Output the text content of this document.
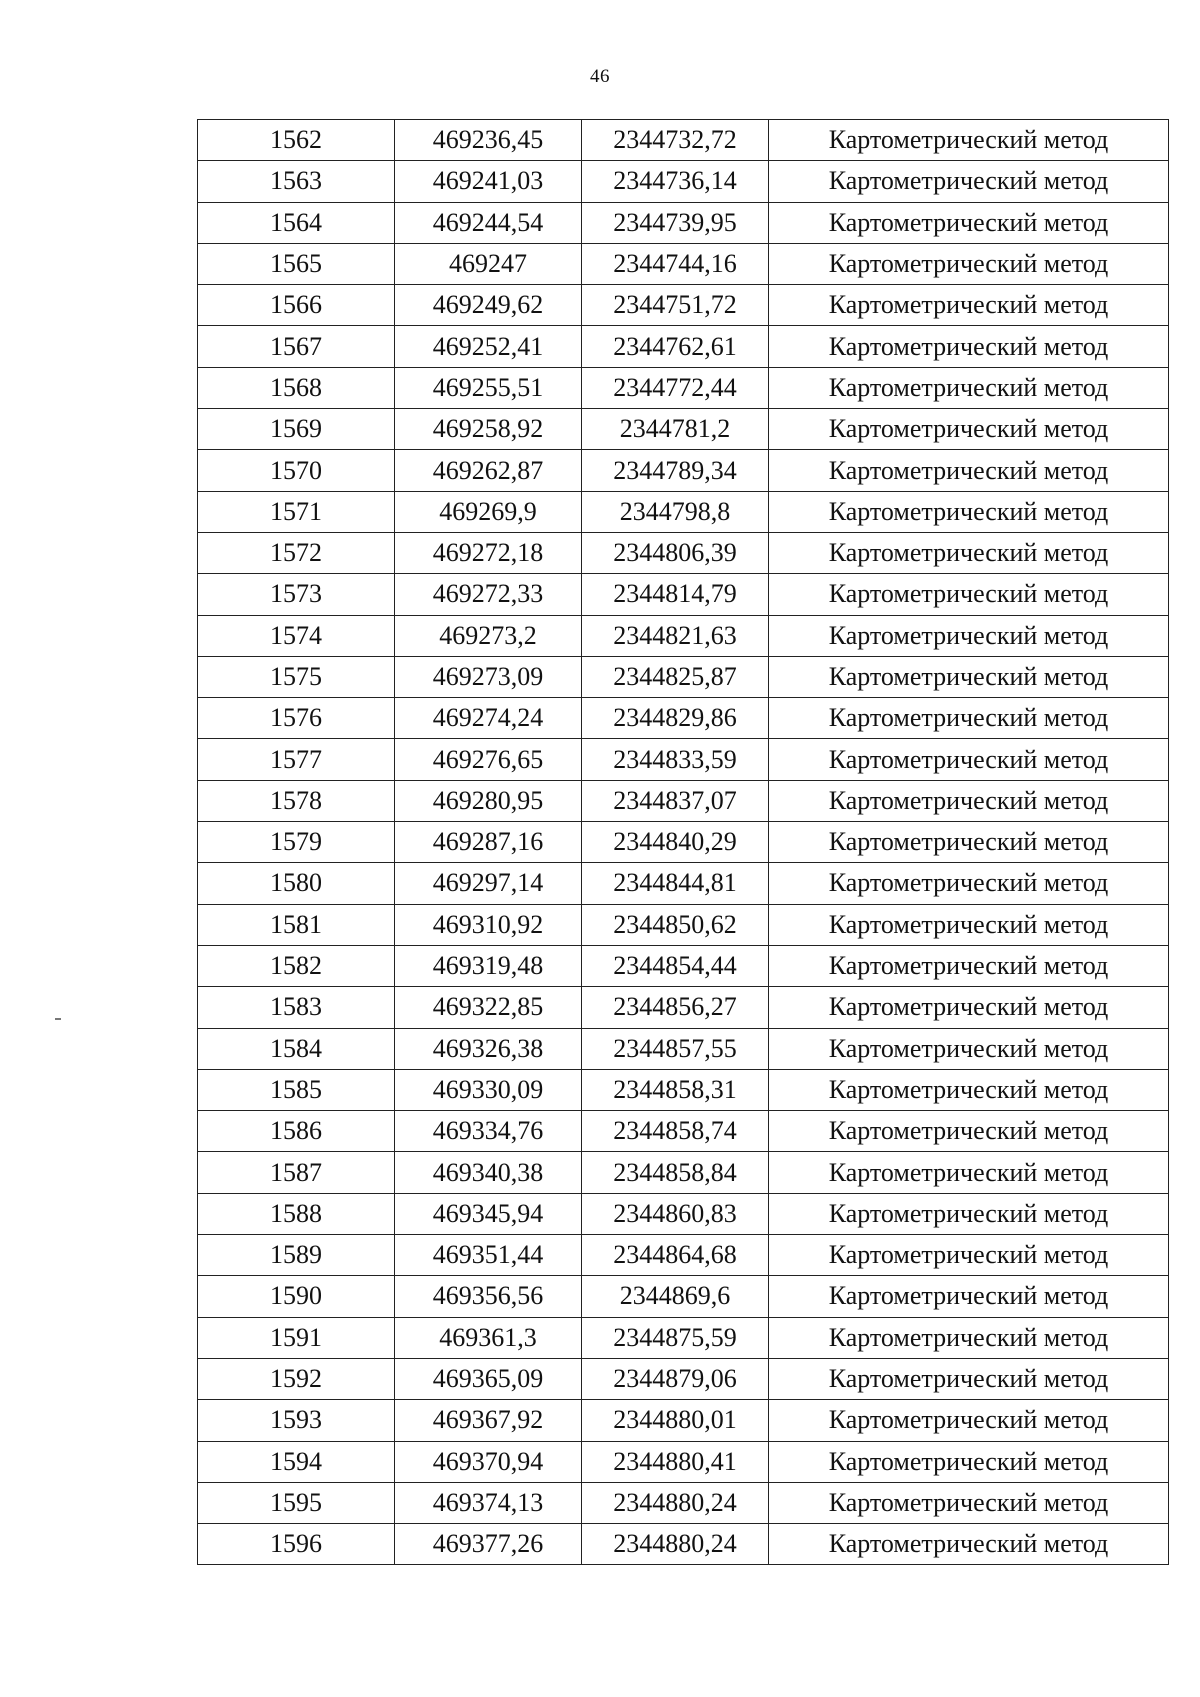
46
1562	469236,45	2344732,72	Картометрический метод
1563	469241,03	2344736,14	Картометрический метод
1564	469244,54	2344739,95	Картометрический метод
1565	469247	2344744,16	Картометрический метод
1566	469249,62	2344751,72	Картометрический метод
1567	469252,41	2344762,61	Картометрический метод
1568	469255,51	2344772,44	Картометрический метод
1569	469258,92	2344781,2	Картометрический метод
1570	469262,87	2344789,34	Картометрический метод
1571	469269,9	2344798,8	Картометрический метод
1572	469272,18	2344806,39	Картометрический метод
1573	469272,33	2344814,79	Картометрический метод
1574	469273,2	2344821,63	Картометрический метод
1575	469273,09	2344825,87	Картометрический метод
1576	469274,24	2344829,86	Картометрический метод
1577	469276,65	2344833,59	Картометрический метод
1578	469280,95	2344837,07	Картометрический метод
1579	469287,16	2344840,29	Картометрический метод
1580	469297,14	2344844,81	Картометрический метод
1581	469310,92	2344850,62	Картометрический метод
1582	469319,48	2344854,44	Картометрический метод
1583	469322,85	2344856,27	Картометрический метод
1584	469326,38	2344857,55	Картометрический метод
1585	469330,09	2344858,31	Картометрический метод
1586	469334,76	2344858,74	Картометрический метод
1587	469340,38	2344858,84	Картометрический метод
1588	469345,94	2344860,83	Картометрический метод
1589	469351,44	2344864,68	Картометрический метод
1590	469356,56	2344869,6	Картометрический метод
1591	469361,3	2344875,59	Картометрический метод
1592	469365,09	2344879,06	Картометрический метод
1593	469367,92	2344880,01	Картометрический метод
1594	469370,94	2344880,41	Картометрический метод
1595	469374,13	2344880,24	Картометрический метод
1596	469377,26	2344880,24	Картометрический метод
